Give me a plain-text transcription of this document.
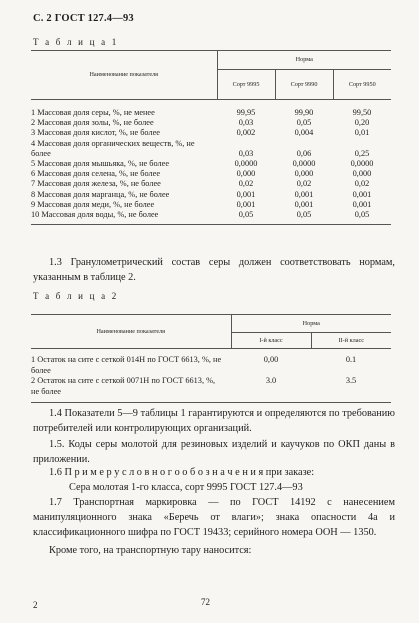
С. 2 ГОСТ 127.4—93
Т а б л и ц а 1
Наименование показателя	Норма		
	Сорт 9995	Сорт 9990	Сорт 9950

1 Массовая доля серы, %, не менее	99,95	99,90	99,50
2 Массовая доля золы, %, не более	0,03	0,05	0,20
3 Массовая доля кислот, %, не более	0,002	0,004	0,01
4 Массовая доля органических веществ, %, не более	0,03	0,06	0,25
5 Массовая доля мышьяка, %, не более	0,0000	0,0000	0,0000
6 Массовая доля селена, %, не более	0,000	0,000	0,000
7 Массовая доля железа, %, не более	0,02	0,02	0,02
8 Массовая доля марганца, %, не более	0,001	0,001	0,001
9 Массовая доля меди, %, не более	0,001	0,001	0,001
10 Массовая доля воды, %, не более	0,05	0,05	0,05
1.3 Гранулометрический состав серы должен соответствовать нормам, указанным в таблице 2.
Т а б л и ц а 2
Наименование показателя	Норма	
	I-й класс	II-й класс

1 Остаток на сите с сеткой 014Н по ГОСТ 6613, %, не более	0,00	0.1
2 Остаток на сите с сеткой 0071Н по ГОСТ 6613, %, не более	3.0	3.5
1.4 Показатели 5—9 таблицы 1 гарантируются и определяются по требованию потребителей или контролирующих организаций.
1.5. Коды серы молотой для резиновых изделий и каучуков по ОКП даны в приложении.
1.6 П р и м е р у с л о в н о г о о б о з н а ч е н и я при заказе:
Сера молотая 1-го класса, сорт 9995 ГОСТ 127.4—93
1.7 Транспортная маркировка — по ГОСТ 14192 с нанесением манипуляционного знака «Беречь от влаги»; знака опасности 4а и классификационного шифра по ГОСТ 19433; серийного номера ООН — 1350.
Кроме того, на транспортную тару наносится:
2	72
